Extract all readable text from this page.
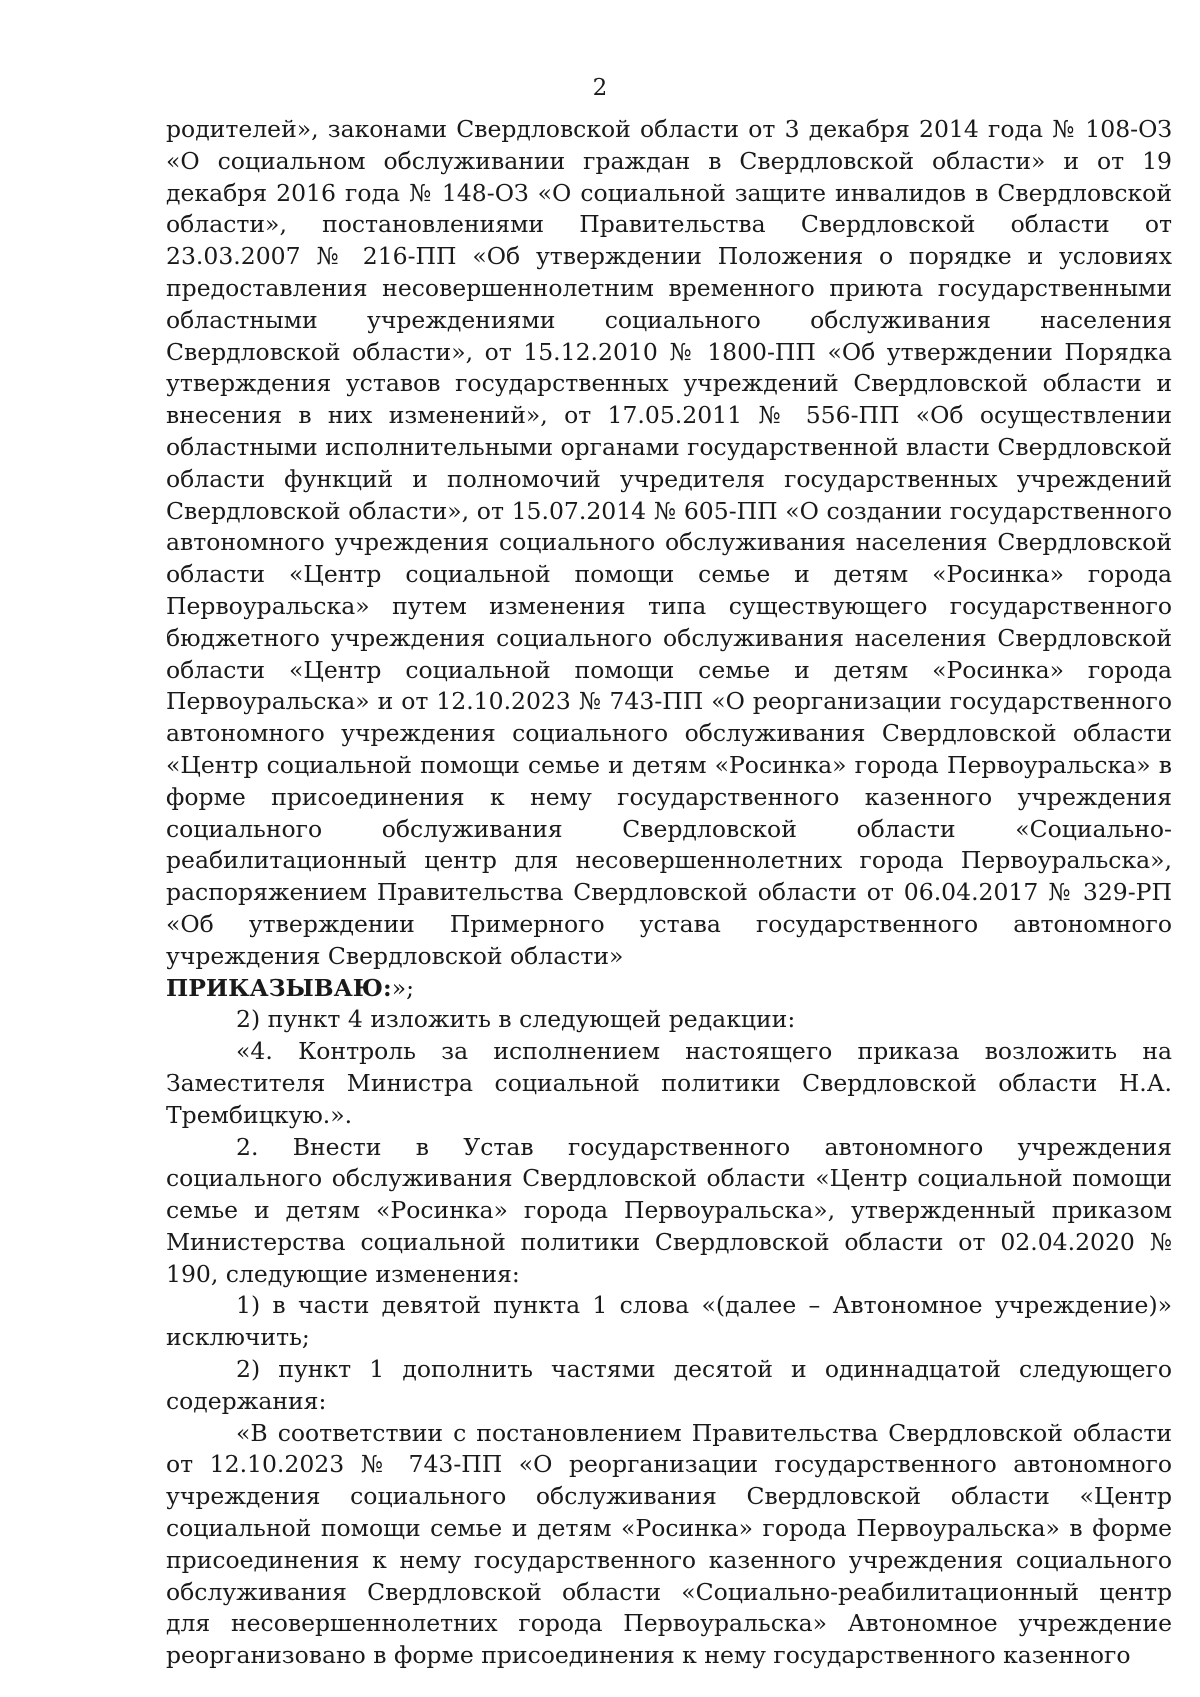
2

родителей», законами Свердловской области от 3 декабря 2014 года № 108-ОЗ «О социальном обслуживании граждан в Свердловской области» и от 19 декабря 2016 года № 148-ОЗ «О социальной защите инвалидов в Свердловской области», постановлениями Правительства Свердловской области от 23.03.2007 № 216-ПП «Об утверждении Положения о порядке и условиях предоставления несовершеннолетним временного приюта государственными областными учреждениями социального обслуживания населения Свердловской области», от 15.12.2010 № 1800-ПП «Об утверждении Порядка утверждения уставов государственных учреждений Свердловской области и внесения в них изменений», от 17.05.2011 № 556-ПП «Об осуществлении областными исполнительными органами государственной власти Свердловской области функций и полномочий учредителя государственных учреждений Свердловской области», от 15.07.2014 № 605-ПП «О создании государственного автономного учреждения социального обслуживания населения Свердловской области «Центр социальной помощи семье и детям «Росинка» города Первоуральска» путем изменения типа существующего государственного бюджетного учреждения социального обслуживания населения Свердловской области «Центр социальной помощи семье и детям «Росинка» города Первоуральска» и от 12.10.2023 № 743-ПП «О реорганизации государственного автономного учреждения социального обслуживания Свердловской области «Центр социальной помощи семье и детям «Росинка» города Первоуральска» в форме присоединения к нему государственного казенного учреждения социального обслуживания Свердловской области «Социально-реабилитационный центр для несовершеннолетних города Первоуральска», распоряжением Правительства Свердловской области от 06.04.2017 № 329-РП «Об утверждении Примерного устава государственного автономного учреждения Свердловской области»

ПРИКАЗЫВАЮ:»;

2) пункт 4 изложить в следующей редакции:

«4. Контроль за исполнением настоящего приказа возложить на Заместителя Министра социальной политики Свердловской области Н.А. Трембицкую.».

2. Внести в Устав государственного автономного учреждения социального обслуживания Свердловской области «Центр социальной помощи семье и детям «Росинка» города Первоуральска», утвержденный приказом Министерства социальной политики Свердловской области от 02.04.2020 № 190, следующие изменения:

1) в части девятой пункта 1 слова «(далее – Автономное учреждение)» исключить;

2) пункт 1 дополнить частями десятой и одиннадцатой следующего содержания:

«В соответствии с постановлением Правительства Свердловской области от 12.10.2023 № 743-ПП «О реорганизации государственного автономного учреждения социального обслуживания Свердловской области «Центр социальной помощи семье и детям «Росинка» города Первоуральска» в форме присоединения к нему государственного казенного учреждения социального обслуживания Свердловской области «Социально-реабилитационный центр для несовершеннолетних города Первоуральска» Автономное учреждение реорганизовано в форме присоединения к нему государственного казенного
